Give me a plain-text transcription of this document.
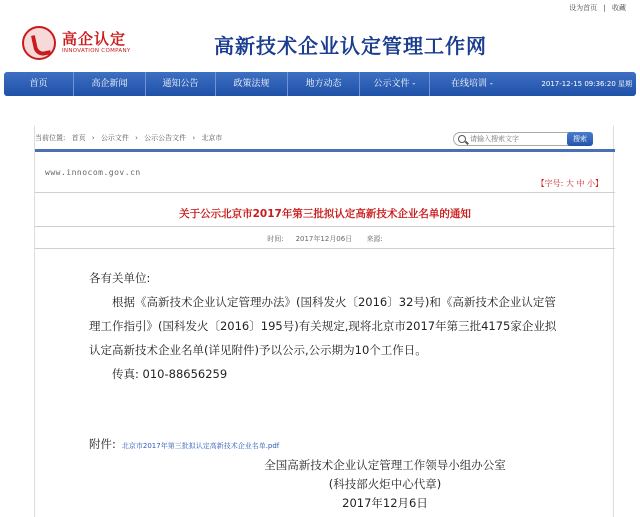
设为首页 | 收藏
高企认定
INNOVATION COMPANY	高新技术企业认定管理工作网
首页	高企新闻	通知公告	政策法规	地方动态	公示文件 -	在线培训 -	2017-12-15 09:36:20 星期
当前位置: 首页 › 公示文件 › 公示公告文件 › 北京市
请输入搜索文字	搜索
www.innocom.gov.cn
【字号: 大 中 小】
关于公示北京市2017年第三批拟认定高新技术企业名单的通知
时间: 2017年12月06日 来源:
各有关单位:
根据《高新技术企业认定管理办法》(国科发火〔2016〕32号)和《高新技术企业认定管理工作指引》(国科发火〔2016〕195号)有关规定,现将北京市2017年第三批4175家企业拟认定高新技术企业名单(详见附件)予以公示,公示期为10个工作日。
传真: 010-88656259
附件: 北京市2017年第三批拟认定高新技术企业名单.pdf
全国高新技术企业认定管理工作领导小组办公室
(科技部火炬中心代章)
2017年12月6日
